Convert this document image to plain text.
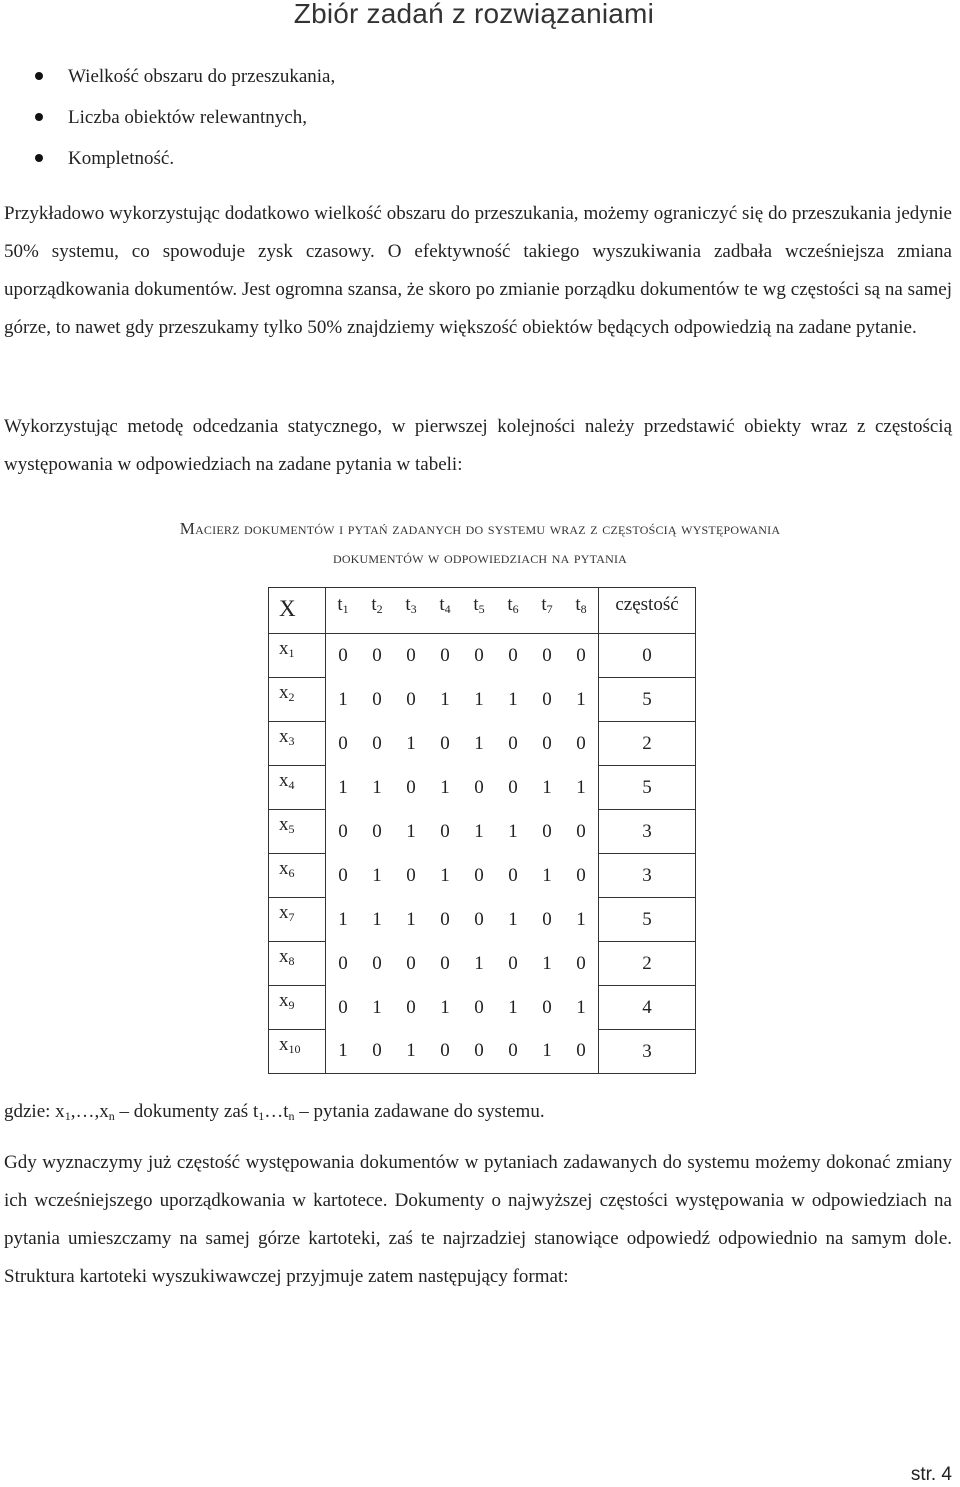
Zbiór zadań z rozwiązaniami
Wielkość obszaru do przeszukania,
Liczba obiektów relewantnych,
Kompletność.

Przykładowo wykorzystując dodatkowo wielkość obszaru do przeszukania, możemy ograniczyć się do przeszukania jedynie 50% systemu, co spowoduje zysk czasowy. O efektywność takiego wyszukiwania zadbała wcześniejsza zmiana uporządkowania dokumentów. Jest ogromna szansa, że skoro po zmianie porządku dokumentów te wg częstości są na samej górze, to nawet gdy przeszukamy tylko 50% znajdziemy większość obiektów będących odpowiedzią na zadane pytanie.

Wykorzystując metodę odcedzania statycznego, w pierwszej kolejności należy przedstawić obiekty wraz z częstością występowania w odpowiedziach na zadane pytania w tabeli:

Macierz dokumentów i pytań zadanych do systemu wraz z częstością występowania
dokumentów w odpowiedziach na pytania
X	$t_1$	$t_2$	$t_3$	$t_4$	$t_5$	$t_6$	$t_7$	$t_8$	częstość
$x_1$	0	0	0	0	0	0	0	0	0
$x_2$	1	0	0	1	1	1	0	1	5
$x_3$	0	0	1	0	1	0	0	0	2
$x_4$	1	1	0	1	0	0	1	1	5
$x_5$	0	0	1	0	1	1	0	0	3
$x_6$	0	1	0	1	0	0	1	0	3
$x_7$	1	1	1	0	0	1	0	1	5
$x_8$	0	0	0	0	1	0	1	0	2
$x_9$	0	1	0	1	0	1	0	1	4
$x_{10}$	1	0	1	0	0	0	1	0	3
gdzie: $x_1,\dots,x_n$ – dokumenty zaś $t_1\dots t_n$ – pytania zadawane do systemu.

Gdy wyznaczymy już częstość występowania dokumentów w pytaniach zadawanych do systemu możemy dokonać zmiany ich wcześniejszego uporządkowania w kartotece. Dokumenty o najwyższej częstości występowania w odpowiedziach na pytania umieszczamy na samej górze kartoteki, zaś te najrzadziej stanowiące odpowiedź odpowiednio na samym dole. Struktura kartoteki wyszukiwawczej przyjmuje zatem następujący format:

str. 4
